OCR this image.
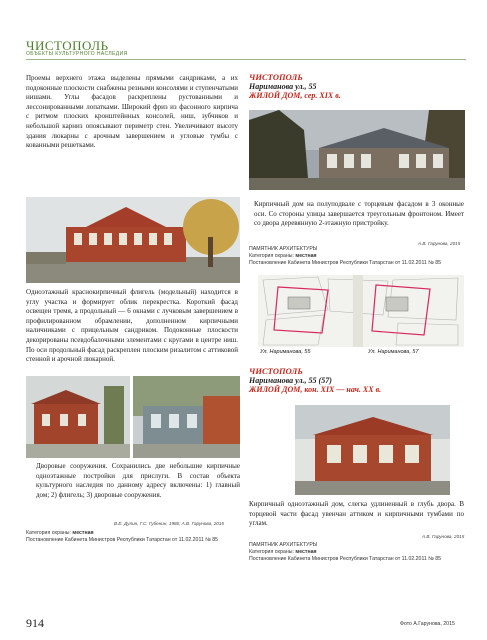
ЧИСТОПОЛЬ
ОБЪЕКТЫ КУЛЬТУРНОГО НАСЛЕДИЯ
Проемы верхнего этажа выделены прямыми сандриками, а их подоконные плоскости снабжены резными консолями и ступенчатыми нишами. Углы фасадов раскреплены рустованными и лессонированными лопатками. Широкий фриз из фасонного кирпича с ритмом плоских кронштейнных консолей, ниш, зубчиков и небольшой карниз опоясывают периметр стен. Увеличивают высоту здания люкарны с арочным завершением и угловые тумбы с кованными решетками.
ЧИСТОПОЛЬ
Нариманова ул., 55
ЖИЛОЙ ДОМ, сер. XIX в.
Кирпичный дом на полуподвале с торцевым фасадом в 3 оконные оси. Со стороны улицы завершается треугольным фронтоном. Имеет со двора деревянную 2-этажную пристройку.
А.В. Гарунова, 2015
ПАМЯТНИК АРХИТЕКТУРЫ
Категория охраны: местная
Постановление Кабинета Министров Республики Татарстан от 11.02.2011 № 85
Ул. Нариманова, 55	Ул. Нариманова, 57
Одноэтажный краснокирпичный флигель (модельный) находится в углу участка и формирует облик перекрестка. Короткий фасад освещен тремя, а продольный — 6 окнами с лучковым завершением в профилированном обрамлении, дополненном кирпичными наличниками с прицельным сандриком. Подоконные плоскости декорированы псевдобалочными элементами с кругами в центре ниш. По оси продольный фасад раскреплен плоским ризалитом с аттиковой стенной и арочной люкарной.
ЧИСТОПОЛЬ
Нариманова ул., 55 (57)
ЖИЛОЙ ДОМ, кон. XIX — нач. XX в.
Дворовые сооружения. Сохранились две небольшие кирпичные одноэтажные постройки для прислуги. В состав объекта культурного наследия по данному адресу включены: 1) главный дом; 2) флигель; 3) дворовые сооружения.
В.Е. Дулин, Г.С. Губенин, 1986; А.В. Гарунова, 2015
Категория охраны: местная
Постановление Кабинета Министров Республики Татарстан от 11.02.2011 № 85
Кирпичный одноэтажный дом, слегка удлиненный в глубь двора. В торцевой части фасад увенчан аттиком и кирпичными тумбами по углам.
А.В. Гарунова, 2015
ПАМЯТНИК АРХИТЕКТУРЫ
Категория охраны: местная
Постановление Кабинета Министров Республики Татарстан от 11.02.2011 № 85
914	Фото А.Гарунова, 2015
